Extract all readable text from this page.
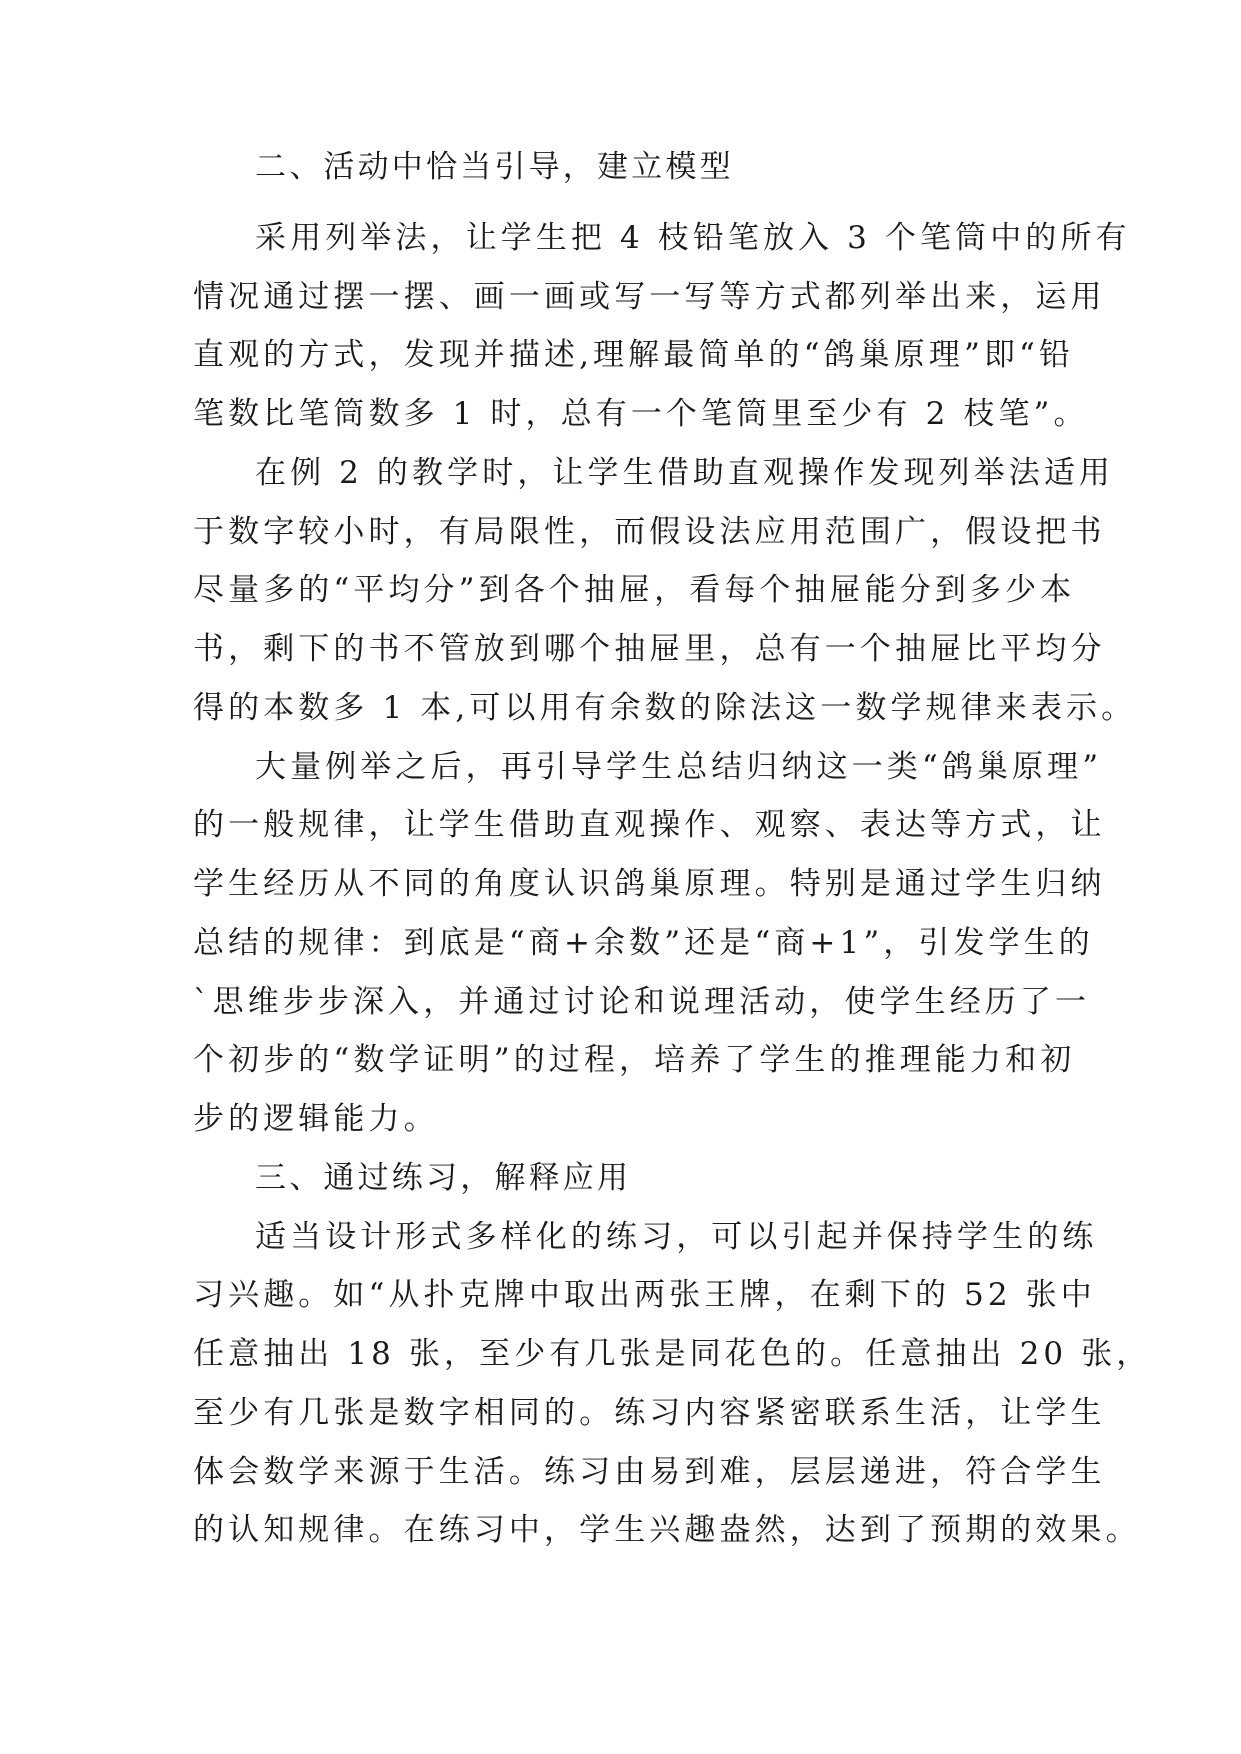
二、活动中恰当引导，建立模型
采用列举法，让学生把 4 枝铅笔放入 3 个笔筒中的所有
情况通过摆一摆、画一画或写一写等方式都列举出来，运用
直观的方式，发现并描述,理解最简单的“鸽巢原理”即“铅
笔数比笔筒数多 1 时，总有一个笔筒里至少有 2 枝笔”。
在例 2 的教学时，让学生借助直观操作发现列举法适用
于数字较小时，有局限性，而假设法应用范围广，假设把书
尽量多的“平均分”到各个抽屉，看每个抽屉能分到多少本
书，剩下的书不管放到哪个抽屉里，总有一个抽屉比平均分
得的本数多 1 本,可以用有余数的除法这一数学规律来表示。
大量例举之后，再引导学生总结归纳这一类“鸽巢原理”
的一般规律，让学生借助直观操作、观察、表达等方式，让
学生经历从不同的角度认识鸽巢原理。特别是通过学生归纳
总结的规律：到底是“商+余数”还是“商+1”，引发学生的
`思维步步深入，并通过讨论和说理活动，使学生经历了一
个初步的“数学证明”的过程，培养了学生的推理能力和初
步的逻辑能力。
三、通过练习，解释应用
适当设计形式多样化的练习，可以引起并保持学生的练
习兴趣。如“从扑克牌中取出两张王牌，在剩下的 52 张中
任意抽出 18 张，至少有几张是同花色的。任意抽出 20 张，
至少有几张是数字相同的。练习内容紧密联系生活，让学生
体会数学来源于生活。练习由易到难，层层递进，符合学生
的认知规律。在练习中，学生兴趣盎然，达到了预期的效果。
